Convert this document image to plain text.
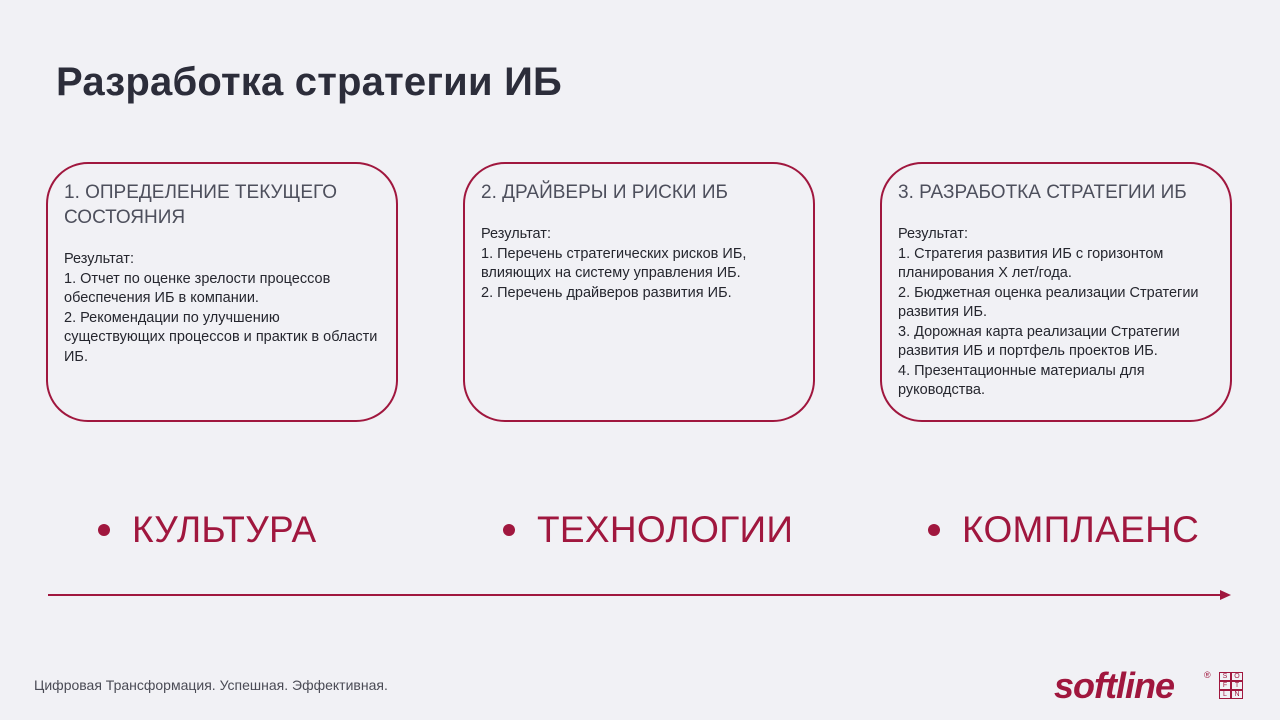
Разработка стратегии ИБ
1. ОПРЕДЕЛЕНИЕ ТЕКУЩЕГО СОСТОЯНИЯ
Результат:
1. Отчет по оценке зрелости процессов обеспечения ИБ в компании.
2. Рекомендации по улучшению существующих процессов и практик в области ИБ.
2. ДРАЙВЕРЫ И РИСКИ ИБ
Результат:
1. Перечень стратегических рисков ИБ, влияющих на систему управления ИБ.
2. Перечень драйверов развития ИБ.
3. РАЗРАБОТКА СТРАТЕГИИ ИБ
Результат:
1. Стратегия развития ИБ с горизонтом планирования X лет/года.
2. Бюджетная оценка реализации Стратегии развития ИБ.
3. Дорожная карта реализации Стратегии развития ИБ и портфель проектов ИБ.
4. Презентационные материалы для руководства.
КУЛЬТУРА	ТЕХНОЛОГИИ	КОМПЛАЕНС
Цифровая Трансформация. Успешная. Эффективная.	softline	®	S O
F	T
L	N
